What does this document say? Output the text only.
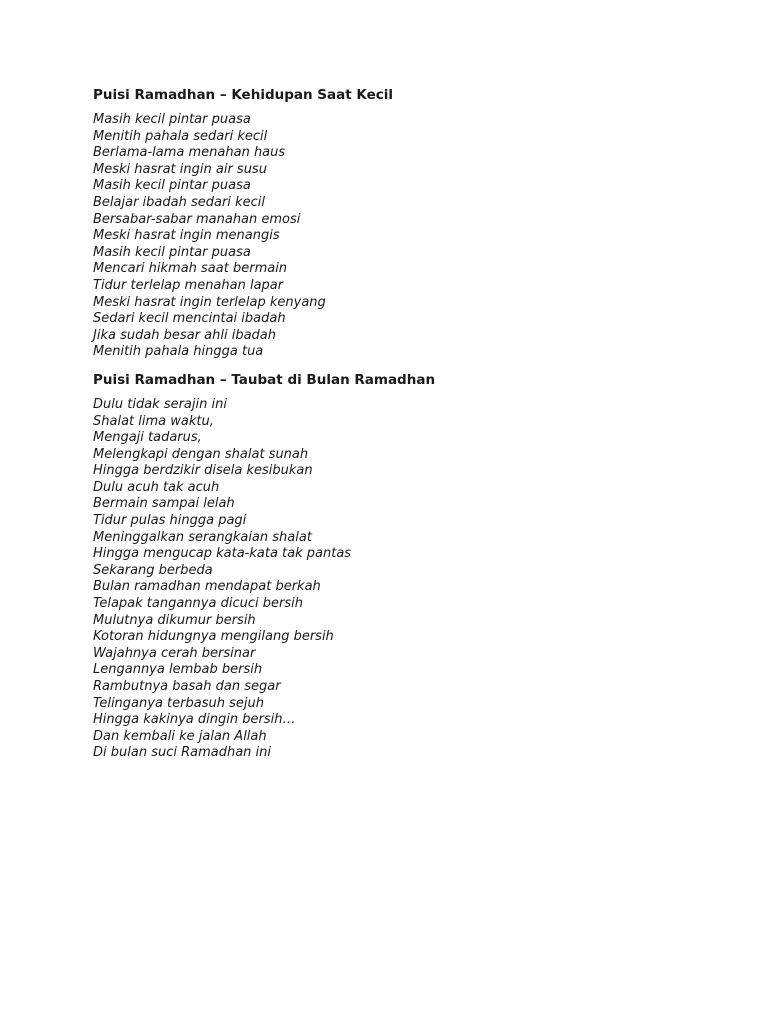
Puisi Ramadhan – Kehidupan Saat Kecil
Masih kecil pintar puasa
Menitih pahala sedari kecil
Berlama-lama menahan haus
Meski hasrat ingin air susu
Masih kecil pintar puasa
Belajar ibadah sedari kecil
Bersabar-sabar manahan emosi
Meski hasrat ingin menangis
Masih kecil pintar puasa
Mencari hikmah saat bermain
Tidur terlelap menahan lapar
Meski hasrat ingin terlelap kenyang
Sedari kecil mencintai ibadah
Jika sudah besar ahli ibadah
Menitih pahala hingga tua
Puisi Ramadhan – Taubat di Bulan Ramadhan
Dulu tidak serajin ini
Shalat lima waktu,
Mengaji tadarus,
Melengkapi dengan shalat sunah
Hingga berdzikir disela kesibukan
Dulu acuh tak acuh
Bermain sampai lelah
Tidur pulas hingga pagi
Meninggalkan serangkaian shalat
Hingga mengucap kata-kata tak pantas
Sekarang berbeda
Bulan ramadhan mendapat berkah
Telapak tangannya dicuci bersih
Mulutnya dikumur bersih
Kotoran hidungnya mengilang bersih
Wajahnya cerah bersinar
Lengannya lembab bersih
Rambutnya basah dan segar
Telinganya terbasuh sejuh
Hingga kakinya dingin bersih…
Dan kembali ke jalan Allah
Di bulan suci Ramadhan ini
